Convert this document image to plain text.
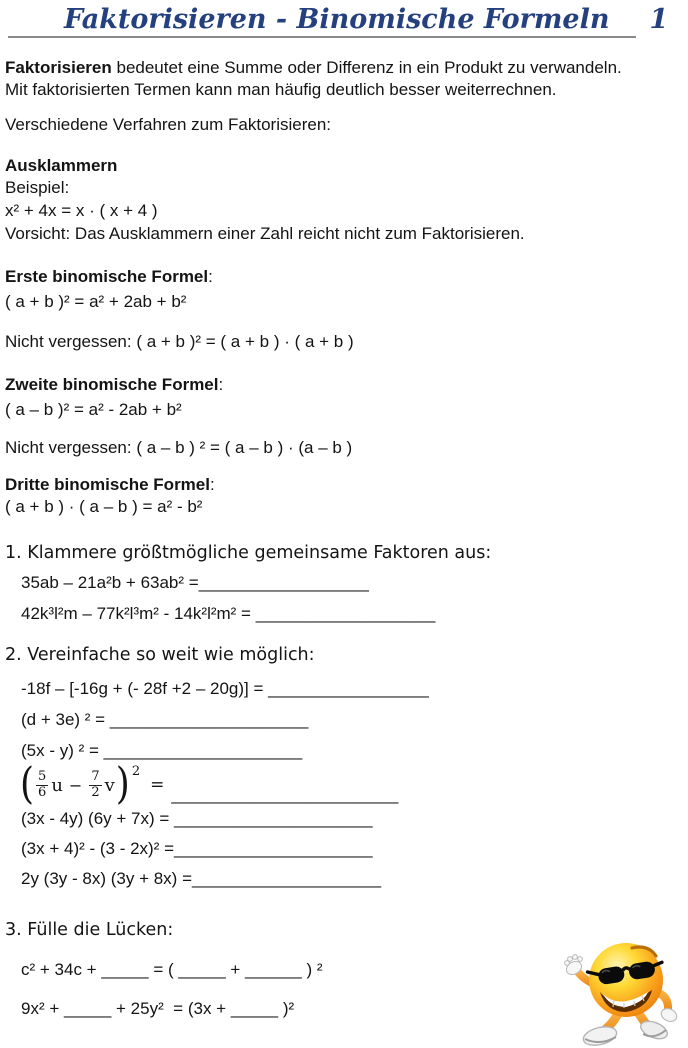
Faktorisieren - Binomische Formeln 1
Faktorisieren bedeutet eine Summe oder Differenz in ein Produkt zu verwandeln.
Mit faktorisierten Termen kann man häufig deutlich besser weiterrechnen.
Verschiedene Verfahren zum Faktorisieren:
Ausklammern
Beispiel:
x² + 4x = x · ( x + 4 )
Vorsicht: Das Ausklammern einer Zahl reicht nicht zum Faktorisieren.
Erste binomische Formel:
( a + b )² = a² + 2ab + b²
Nicht vergessen: ( a + b )² = ( a + b ) · ( a + b )
Zweite binomische Formel:
( a – b )² = a² - 2ab + b²
Nicht vergessen: ( a – b ) ² = ( a – b ) · (a – b )
Dritte binomische Formel:
( a + b ) · ( a – b ) = a² - b²
1. Klammere größtmögliche gemeinsame Faktoren aus:
35ab – 21a²b + 63ab² =__________________
42k³l²m – 77k²l³m² - 14k²l²m² = ___________________
2. Vereinfache so weit wie möglich:
-18f – [-16g + (- 28f +2 – 20g)] = _________________
(d + 3e) ² = _____________________
(5x - y) ² = _____________________
( $\frac{5}{6}$ $u - \frac{7}{2}$ v ) 2
= ________________________
(3x - 4y) (6y + 7x) = _____________________
(3x + 4)² - (3 - 2x)² =_____________________
2y (3y - 8x) (3y + 8x) =____________________
3. Fülle die Lücken:
c² + 34c + _____ = ( _____ + ______ ) ²
9x² + _____ + 25y²  = (3x + _____ )²
